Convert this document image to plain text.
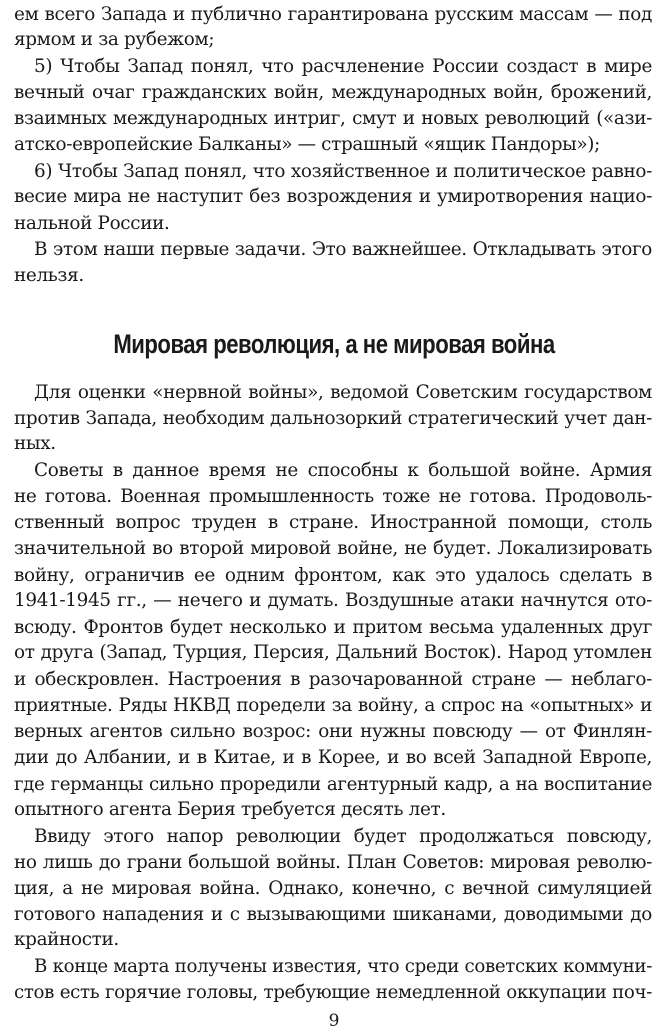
ем всего Запада и публично гарантирована русским массам — под
ярмом и за рубежом;
5) Чтобы Запад понял, что расчленение России создаст в мире
вечный очаг гражданских войн, международных войн, брожений,
взаимных международных интриг, смут и новых революций («ази-
атско-европейские Балканы» — страшный «ящик Пандоры»);
6) Чтобы Запад понял, что хозяйственное и политическое равно-
весие мира не наступит без возрождения и умиротворения нацио-
нальной России.
В этом наши первые задачи. Это важнейшее. Откладывать этого
нельзя.
Мировая революция, а не мировая война
Для оценки «нервной войны», ведомой Советским государством
против Запада, необходим дальнозоркий стратегический учет дан-
ных.
Советы в данное время не способны к большой войне. Армия
не готова. Военная промышленность тоже не готова. Продоволь-
ственный вопрос труден в стране. Иностранной помощи, столь
значительной во второй мировой войне, не будет. Локализировать
войну, ограничив ее одним фронтом, как это удалось сделать в
1941-1945 гг., — нечего и думать. Воздушные атаки начнутся ото-
всюду. Фронтов будет несколько и притом весьма удаленных друг
от друга (Запад, Турция, Персия, Дальний Восток). Народ утомлен
и обескровлен. Настроения в разочарованной стране — неблаго-
приятные. Ряды НКВД поредели за войну, а спрос на «опытных» и
верных агентов сильно возрос: они нужны повсюду — от Финлян-
дии до Албании, и в Китае, и в Корее, и во всей Западной Европе,
где германцы сильно проредили агентурный кадр, а на воспитание
опытного агента Берия требуется десять лет.
Ввиду этого напор революции будет продолжаться повсюду,
но лишь до грани большой войны. План Советов: мировая револю-
ция, а не мировая война. Однако, конечно, с вечной симуляцией
готового нападения и с вызывающими шиканами, доводимыми до
крайности.
В конце марта получены известия, что среди советских коммуни-
стов есть горячие головы, требующие немедленной оккупации поч-
9
